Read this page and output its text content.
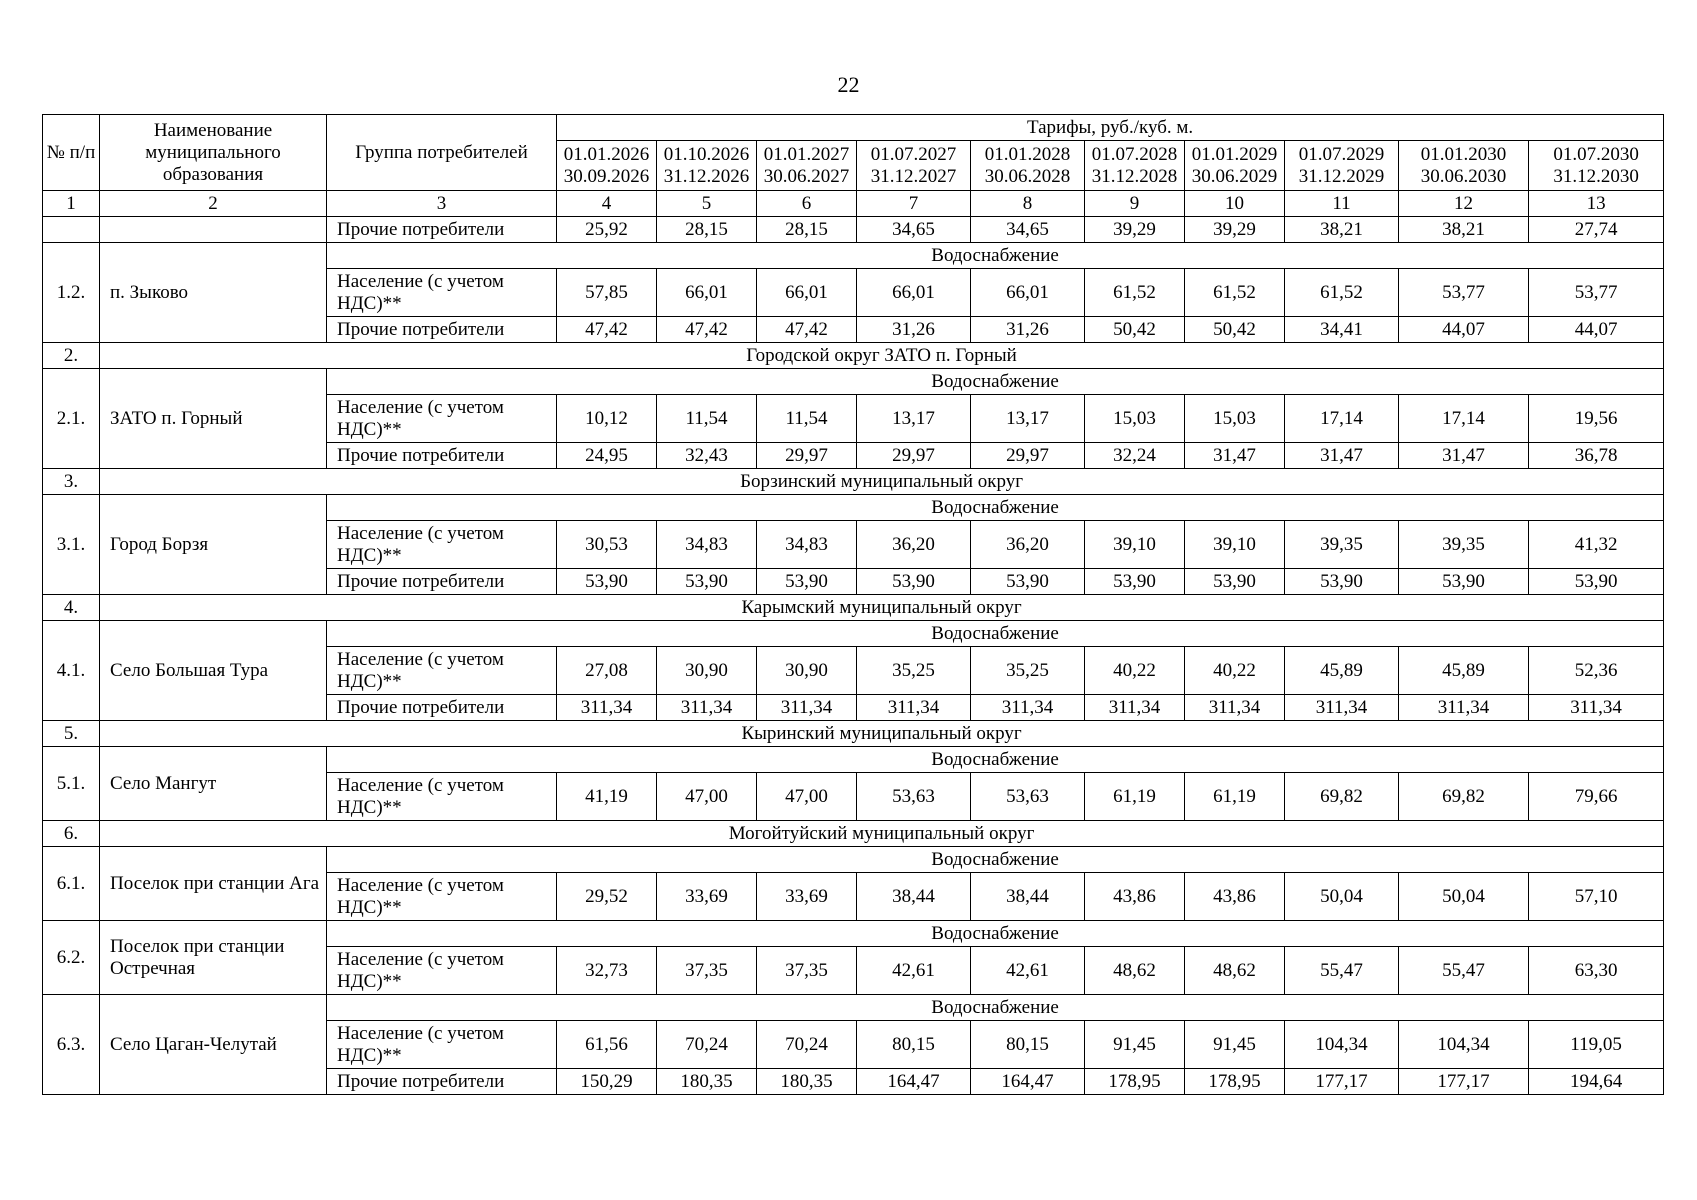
22
№ п/п	Наименование муниципального образования	Группа потребителей	Тарифы, руб./куб. м.									
			01.01.2026 30.09.2026	01.10.2026 31.12.2026	01.01.2027 30.06.2027	01.07.2027 31.12.2027	01.01.2028 30.06.2028	01.07.2028 31.12.2028	01.01.2029 30.06.2029	01.07.2029 31.12.2029	01.01.2030 30.06.2030	01.07.2030 31.12.2030
1	2	3	4	5	6	7	8	9	10	11	12	13
		Прочие потребители	25,92	28,15	28,15	34,65	34,65	39,29	39,29	38,21	38,21	27,74
1.2.	п. Зыково	Водоснабжение										
		Население (с учетом НДС)**	57,85	66,01	66,01	66,01	66,01	61,52	61,52	61,52	53,77	53,77
		Прочие потребители	47,42	47,42	47,42	31,26	31,26	50,42	50,42	34,41	44,07	44,07
2.	Городской округ ЗАТО п. Горный											
2.1.	ЗАТО п. Горный	Водоснабжение										
		Население (с учетом НДС)**	10,12	11,54	11,54	13,17	13,17	15,03	15,03	17,14	17,14	19,56
		Прочие потребители	24,95	32,43	29,97	29,97	29,97	32,24	31,47	31,47	31,47	36,78
3.	Борзинский муниципальный округ											
3.1.	Город Борзя	Водоснабжение										
		Население (с учетом НДС)**	30,53	34,83	34,83	36,20	36,20	39,10	39,10	39,35	39,35	41,32
		Прочие потребители	53,90	53,90	53,90	53,90	53,90	53,90	53,90	53,90	53,90	53,90
4.	Карымский муниципальный округ											
4.1.	Село Большая Тура	Водоснабжение										
		Население (с учетом НДС)**	27,08	30,90	30,90	35,25	35,25	40,22	40,22	45,89	45,89	52,36
		Прочие потребители	311,34	311,34	311,34	311,34	311,34	311,34	311,34	311,34	311,34	311,34
5.	Кыринский муниципальный округ											
5.1.	Село Мангут	Водоснабжение										
		Население (с учетом НДС)**	41,19	47,00	47,00	53,63	53,63	61,19	61,19	69,82	69,82	79,66
6.	Могойтуйский муниципальный округ											
6.1.	Поселок при станции Ага	Водоснабжение										
		Население (с учетом НДС)**	29,52	33,69	33,69	38,44	38,44	43,86	43,86	50,04	50,04	57,10
6.2.	Поселок при станции Остречная	Водоснабжение										
		Население (с учетом НДС)**	32,73	37,35	37,35	42,61	42,61	48,62	48,62	55,47	55,47	63,30
6.3.	Село Цаган-Челутай	Водоснабжение										
		Население (с учетом НДС)**	61,56	70,24	70,24	80,15	80,15	91,45	91,45	104,34	104,34	119,05
		Прочие потребители	150,29	180,35	180,35	164,47	164,47	178,95	178,95	177,17	177,17	194,64
